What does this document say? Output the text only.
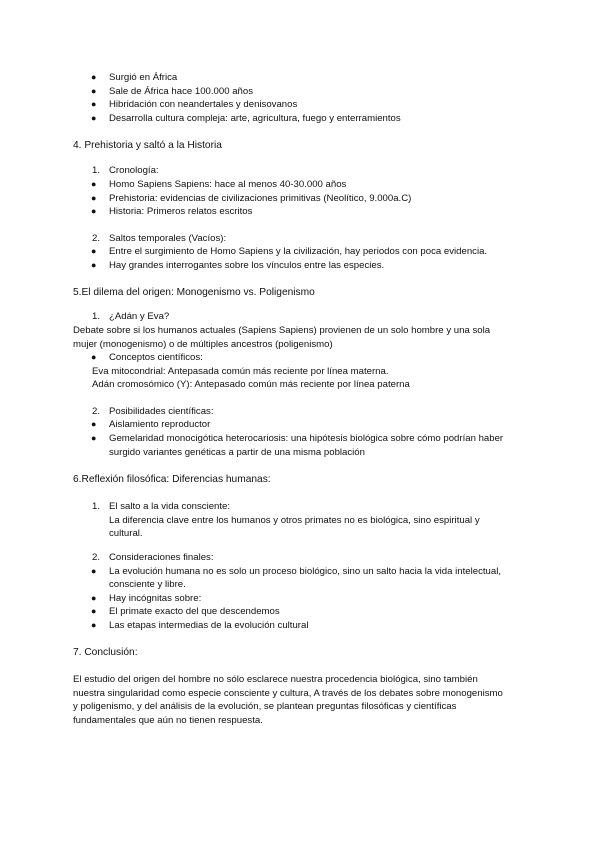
● Surgió en África
● Sale de África hace 100.000 años
● Hibridación con neandertales y denisovanos
● Desarrolla cultura compleja: arte, agricultura, fuego y enterramientos
4. Prehistoria y saltó a la Historia
1. Cronología:
● Homo Sapiens Sapiens: hace al menos 40-30.000 años
● Prehistoria: evidencias de civilizaciones primitivas (Neolítico, 9.000a.C)
● Historia: Primeros relatos escritos
2. Saltos temporales (Vacíos):
● Entre el surgimiento de Homo Sapiens y la civilización, hay periodos con poca evidencia.
● Hay grandes interrogantes sobre los vínculos entre las especies.
5.El dilema del origen: Monogenismo vs. Poligenismo
1. ¿Adán y Eva?
Debate sobre si los humanos actuales (Sapiens Sapiens) provienen de un solo hombre y una sola
mujer (monogenismo) o de múltiples ancestros (poligenismo)
● Conceptos científicos:
Eva mitocondrial: Antepasada común más reciente por línea materna.
Adán cromosómico (Y): Antepasado común más reciente por línea paterna
2. Posibilidades científicas:
● Aislamiento reproductor
● Gemelaridad monocigótica heterocariosis: una hipótesis biológica sobre cómo podrían haber
surgido variantes genéticas a partir de una misma población
6.Reflexión filosófica: Diferencias humanas:
1. El salto a la vida consciente:
La diferencia clave entre los humanos y otros primates no es biológica, sino espiritual y
cultural.
2. Consideraciones finales:
● La evolución humana no es solo un proceso biológico, sino un salto hacia la vida intelectual,
consciente y libre.
● Hay incógnitas sobre:
● El primate exacto del que descendemos
● Las etapas intermedias de la evolución cultural
7. Conclusión:
El estudio del origen del hombre no sólo esclarece nuestra procedencia biológica, sino también
nuestra singularidad como especie consciente y cultura, A través de los debates sobre monogenismo
y poligenismo, y del análisis de la evolución, se plantean preguntas filosóficas y científicas
fundamentales que aún no tienen respuesta.
